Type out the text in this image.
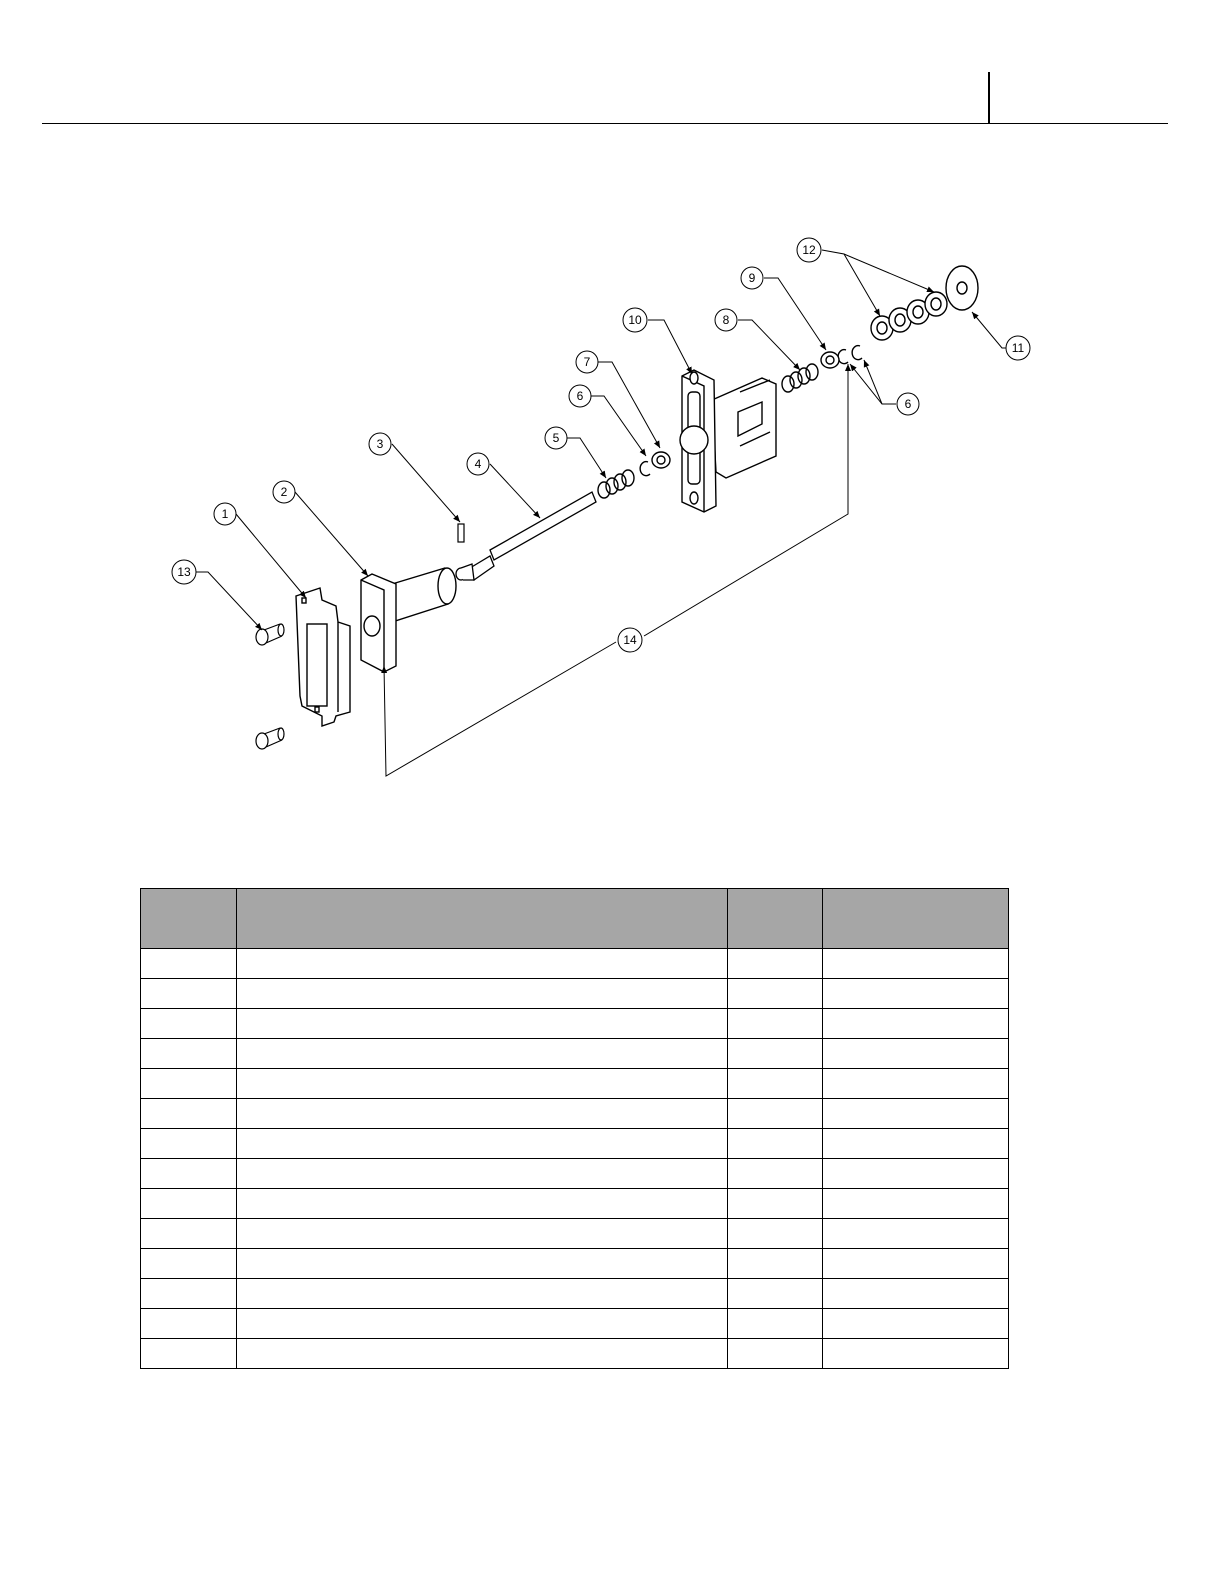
1
2
3
4
5
6
7
8
9
10
11
12
13
14
6
